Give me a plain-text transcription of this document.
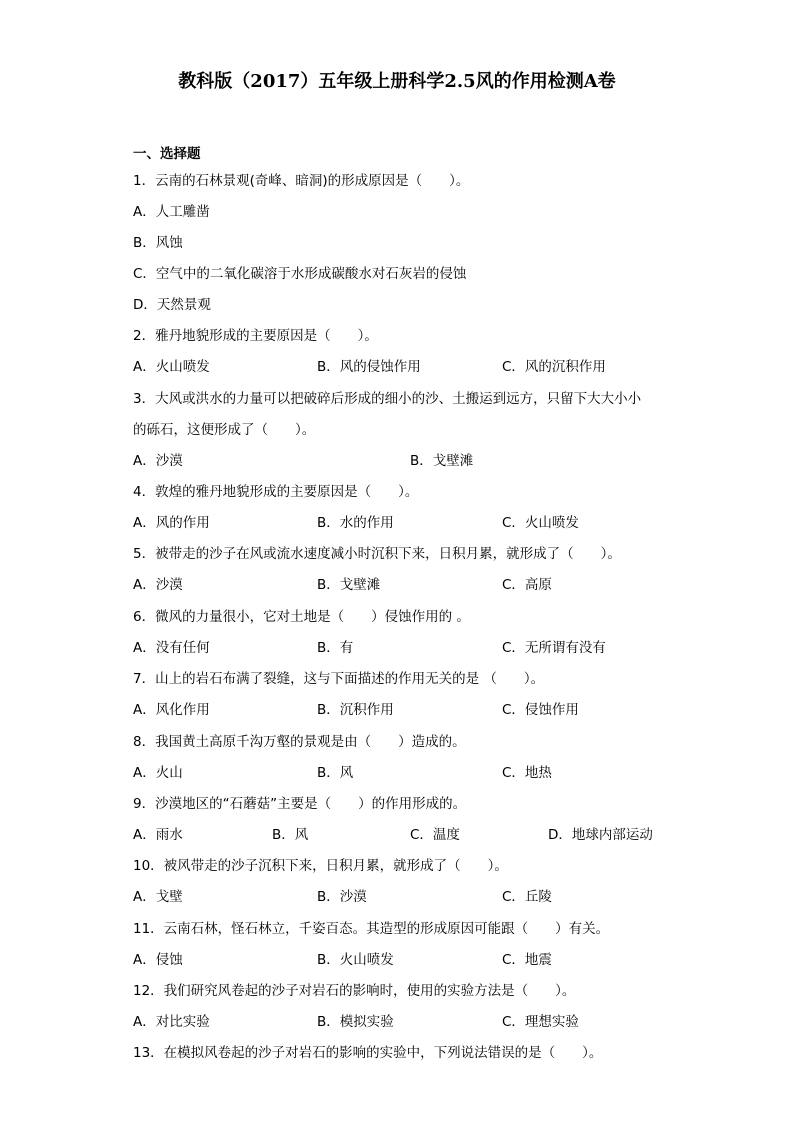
教科版（2017）五年级上册科学2.5风的作用检测A卷
一、选择题
1．云南的石林景观(奇峰、暗洞)的形成原因是（　　）。
A．人工雕凿
B．风蚀
C．空气中的二氧化碳溶于水形成碳酸水对石灰岩的侵蚀
D．天然景观
2．雅丹地貌形成的主要原因是（　　）。
A．火山喷发	B．风的侵蚀作用	C．风的沉积作用
3．大风或洪水的力量可以把破碎后形成的细小的沙、土搬运到远方，只留下大大小小
的砾石，这便形成了（　　）。
A．沙漠	B．戈壁滩
4．敦煌的雅丹地貌形成的主要原因是（　　）。
A．风的作用	B．水的作用	C．火山喷发
5．被带走的沙子在风或流水速度减小时沉积下来，日积月累，就形成了（　　）。
A．沙漠	B．戈壁滩	C．高原
6．微风的力量很小，它对土地是（　　）侵蚀作用的 。
A．没有任何	B．有	C．无所谓有没有
7．山上的岩石布满了裂缝，这与下面描述的作用无关的是 （　　）。
A．风化作用	B．沉积作用	C．侵蚀作用
8．我国黄土高原千沟万壑的景观是由（　　）造成的。
A．火山	B．风	C．地热
9．沙漠地区的“石蘑菇”主要是（　　）的作用形成的。
A．雨水	B．风	C．温度	D．地球内部运动
10．被风带走的沙子沉积下来，日积月累，就形成了（　　）。
A．戈壁	B．沙漠	C．丘陵
11．云南石林，怪石林立，千姿百态。其造型的形成原因可能跟（　　）有关。
A．侵蚀	B．火山喷发	C．地震
12．我们研究风卷起的沙子对岩石的影响时，使用的实验方法是（　　）。
A．对比实验	B．模拟实验	C．理想实验
13．在模拟风卷起的沙子对岩石的影响的实验中，下列说法错误的是（　　）。
